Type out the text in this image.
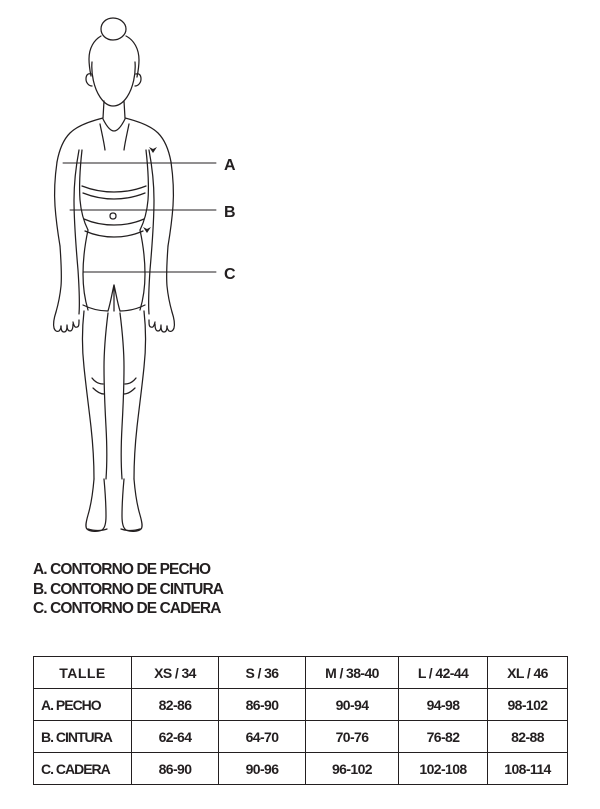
A
B
C
A. CONTORNO DE PECHO
B. CONTORNO DE CINTURA
C. CONTORNO DE CADERA
TALLE	XS / 34	S / 36	M / 38-40	L / 42-44	XL / 46
A. PECHO	82-86	86-90	90-94	94-98	98-102
B. CINTURA	62-64	64-70	70-76	76-82	82-88
C. CADERA	86-90	90-96	96-102	102-108	108-114
